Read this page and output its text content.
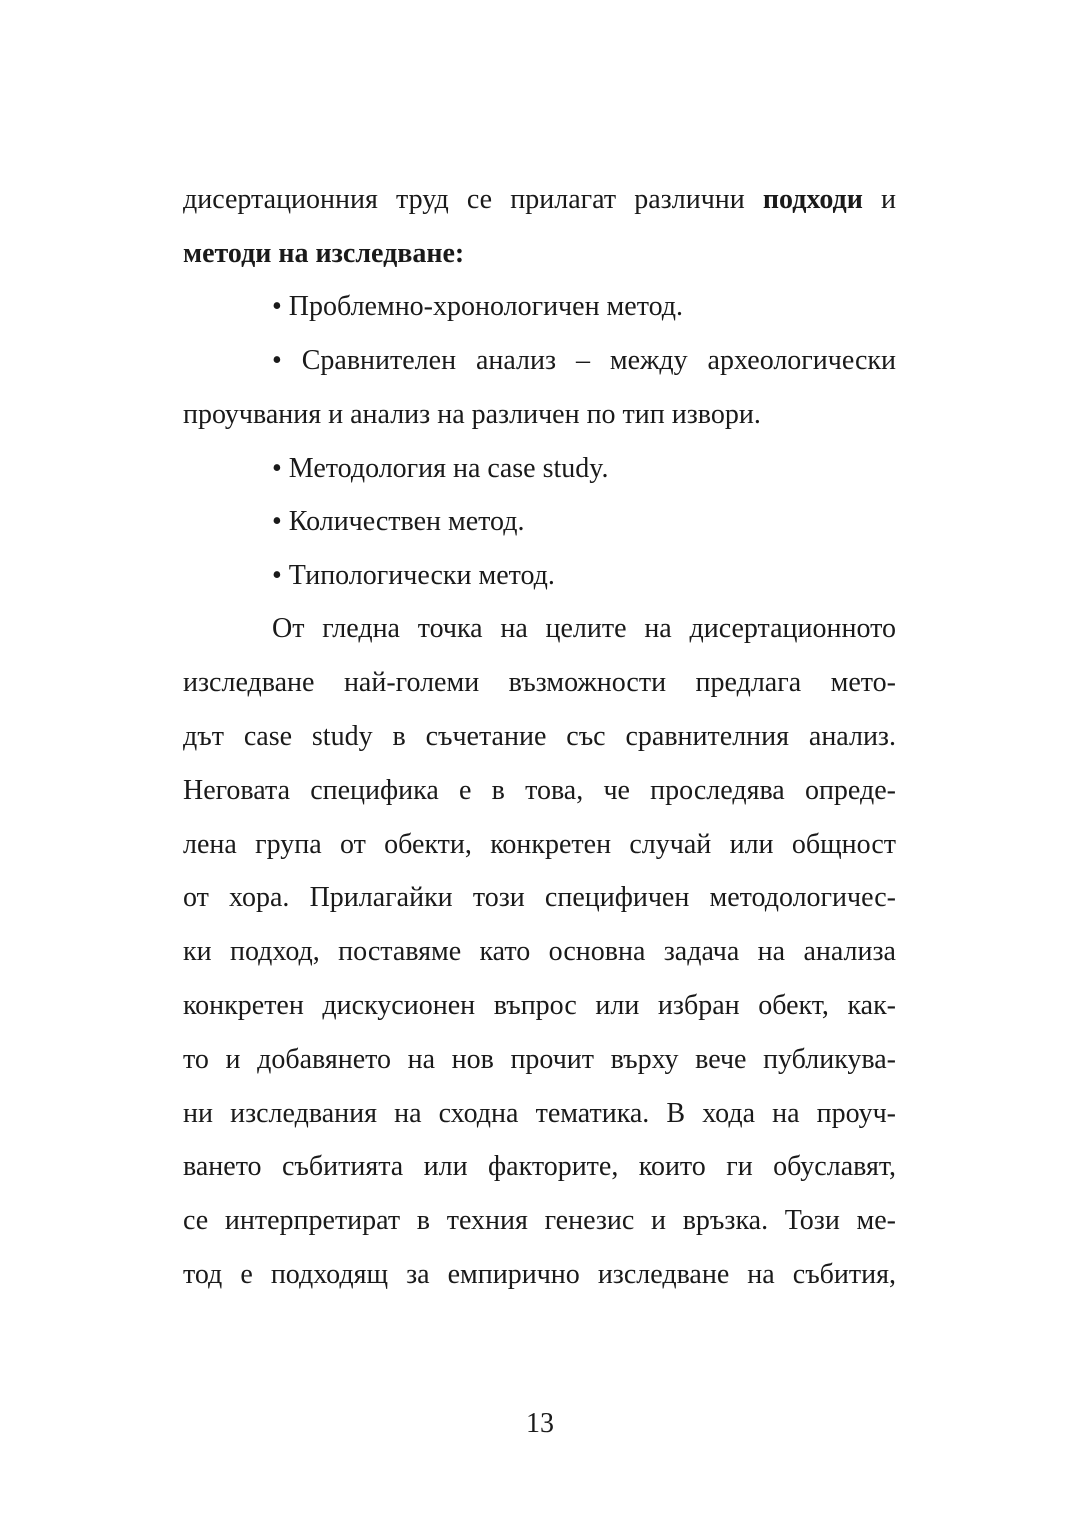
дисертационния труд се прилагат различни подходи и
методи на изследване:
• Проблемно-хронологичен метод.
• Сравнителен анализ – между археологически
проучвания и анализ на различен по тип извори.
• Методология на case study.
• Количествен метод.
• Типологически метод.
От гледна точка на целите на дисертационното
изследване най-големи възможности предлага мето-
дът case study в съчетание със сравнителния анализ.
Неговата специфика е в това, че проследява опреде-
лена група от обекти, конкретен случай или общност
от хора. Прилагайки този специфичен методологичес-
ки подход, поставяме като основна задача на анализа
конкретен дискусионен въпрос или избран обект, как-
то и добавянето на нов прочит върху вече публикува-
ни изследвания на сходна тематика. В хода на проуч-
ването събитията или факторите, които ги обуславят,
се интерпретират в техния генезис и връзка. Този ме-
тод е подходящ за емпирично изследване на събития,
13
